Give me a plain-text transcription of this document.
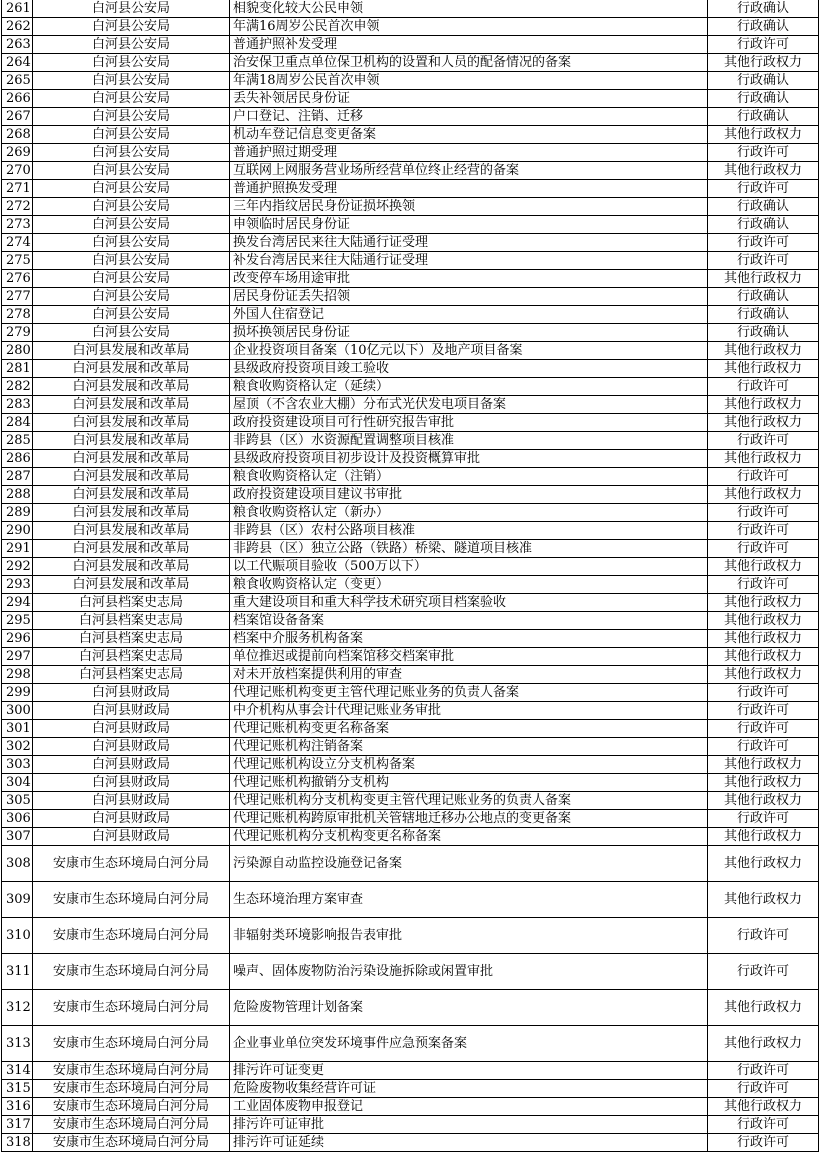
261	白河县公安局	相貌变化较大公民申领	行政确认
262	白河县公安局	年满16周岁公民首次申领	行政确认
263	白河县公安局	普通护照补发受理	行政许可
264	白河县公安局	治安保卫重点单位保卫机构的设置和人员的配备情况的备案	其他行政权力
265	白河县公安局	年满18周岁公民首次申领	行政确认
266	白河县公安局	丢失补领居民身份证	行政确认
267	白河县公安局	户口登记、注销、迁移	行政确认
268	白河县公安局	机动车登记信息变更备案	其他行政权力
269	白河县公安局	普通护照过期受理	行政许可
270	白河县公安局	互联网上网服务营业场所经营单位终止经营的备案	其他行政权力
271	白河县公安局	普通护照换发受理	行政许可
272	白河县公安局	三年内指纹居民身份证损坏换领	行政确认
273	白河县公安局	申领临时居民身份证	行政确认
274	白河县公安局	换发台湾居民来往大陆通行证受理	行政许可
275	白河县公安局	补发台湾居民来往大陆通行证受理	行政许可
276	白河县公安局	改变停车场用途审批	其他行政权力
277	白河县公安局	居民身份证丢失招领	行政确认
278	白河县公安局	外国人住宿登记	行政确认
279	白河县公安局	损坏换领居民身份证	行政确认
280	白河县发展和改革局	企业投资项目备案（10亿元以下）及地产项目备案	其他行政权力
281	白河县发展和改革局	县级政府投资项目竣工验收	其他行政权力
282	白河县发展和改革局	粮食收购资格认定（延续）	行政许可
283	白河县发展和改革局	屋顶（不含农业大棚）分布式光伏发电项目备案	其他行政权力
284	白河县发展和改革局	政府投资建设项目可行性研究报告审批	其他行政权力
285	白河县发展和改革局	非跨县（区）水资源配置调整项目核准	行政许可
286	白河县发展和改革局	县级政府投资项目初步设计及投资概算审批	其他行政权力
287	白河县发展和改革局	粮食收购资格认定（注销）	行政许可
288	白河县发展和改革局	政府投资建设项目建议书审批	其他行政权力
289	白河县发展和改革局	粮食收购资格认定（新办）	行政许可
290	白河县发展和改革局	非跨县（区）农村公路项目核准	行政许可
291	白河县发展和改革局	非跨县（区）独立公路（铁路）桥梁、隧道项目核准	行政许可
292	白河县发展和改革局	以工代赈项目验收（500万以下）	其他行政权力
293	白河县发展和改革局	粮食收购资格认定（变更）	行政许可
294	白河县档案史志局	重大建设项目和重大科学技术研究项目档案验收	其他行政权力
295	白河县档案史志局	档案馆设备备案	其他行政权力
296	白河县档案史志局	档案中介服务机构备案	其他行政权力
297	白河县档案史志局	单位推迟或提前向档案馆移交档案审批	其他行政权力
298	白河县档案史志局	对未开放档案提供利用的审查	其他行政权力
299	白河县财政局	代理记账机构变更主管代理记账业务的负责人备案	行政许可
300	白河县财政局	中介机构从事会计代理记账业务审批	行政许可
301	白河县财政局	代理记账机构变更名称备案	行政许可
302	白河县财政局	代理记账机构注销备案	行政许可
303	白河县财政局	代理记账机构设立分支机构备案	其他行政权力
304	白河县财政局	代理记账机构撤销分支机构	其他行政权力
305	白河县财政局	代理记账机构分支机构变更主管代理记账业务的负责人备案	其他行政权力
306	白河县财政局	代理记账机构跨原审批机关管辖地迁移办公地点的变更备案	行政许可
307	白河县财政局	代理记账机构分支机构变更名称备案	其他行政权力
308	安康市生态环境局白河分局	污染源自动监控设施登记备案	其他行政权力
309	安康市生态环境局白河分局	生态环境治理方案审查	其他行政权力
310	安康市生态环境局白河分局	非辐射类环境影响报告表审批	行政许可
311	安康市生态环境局白河分局	噪声、固体废物防治污染设施拆除或闲置审批	行政许可
312	安康市生态环境局白河分局	危险废物管理计划备案	其他行政权力
313	安康市生态环境局白河分局	企业事业单位突发环境事件应急预案备案	其他行政权力
314	安康市生态环境局白河分局	排污许可证变更	行政许可
315	安康市生态环境局白河分局	危险废物收集经营许可证	行政许可
316	安康市生态环境局白河分局	工业固体废物申报登记	其他行政权力
317	安康市生态环境局白河分局	排污许可证审批	行政许可
318	安康市生态环境局白河分局	排污许可证延续	行政许可
